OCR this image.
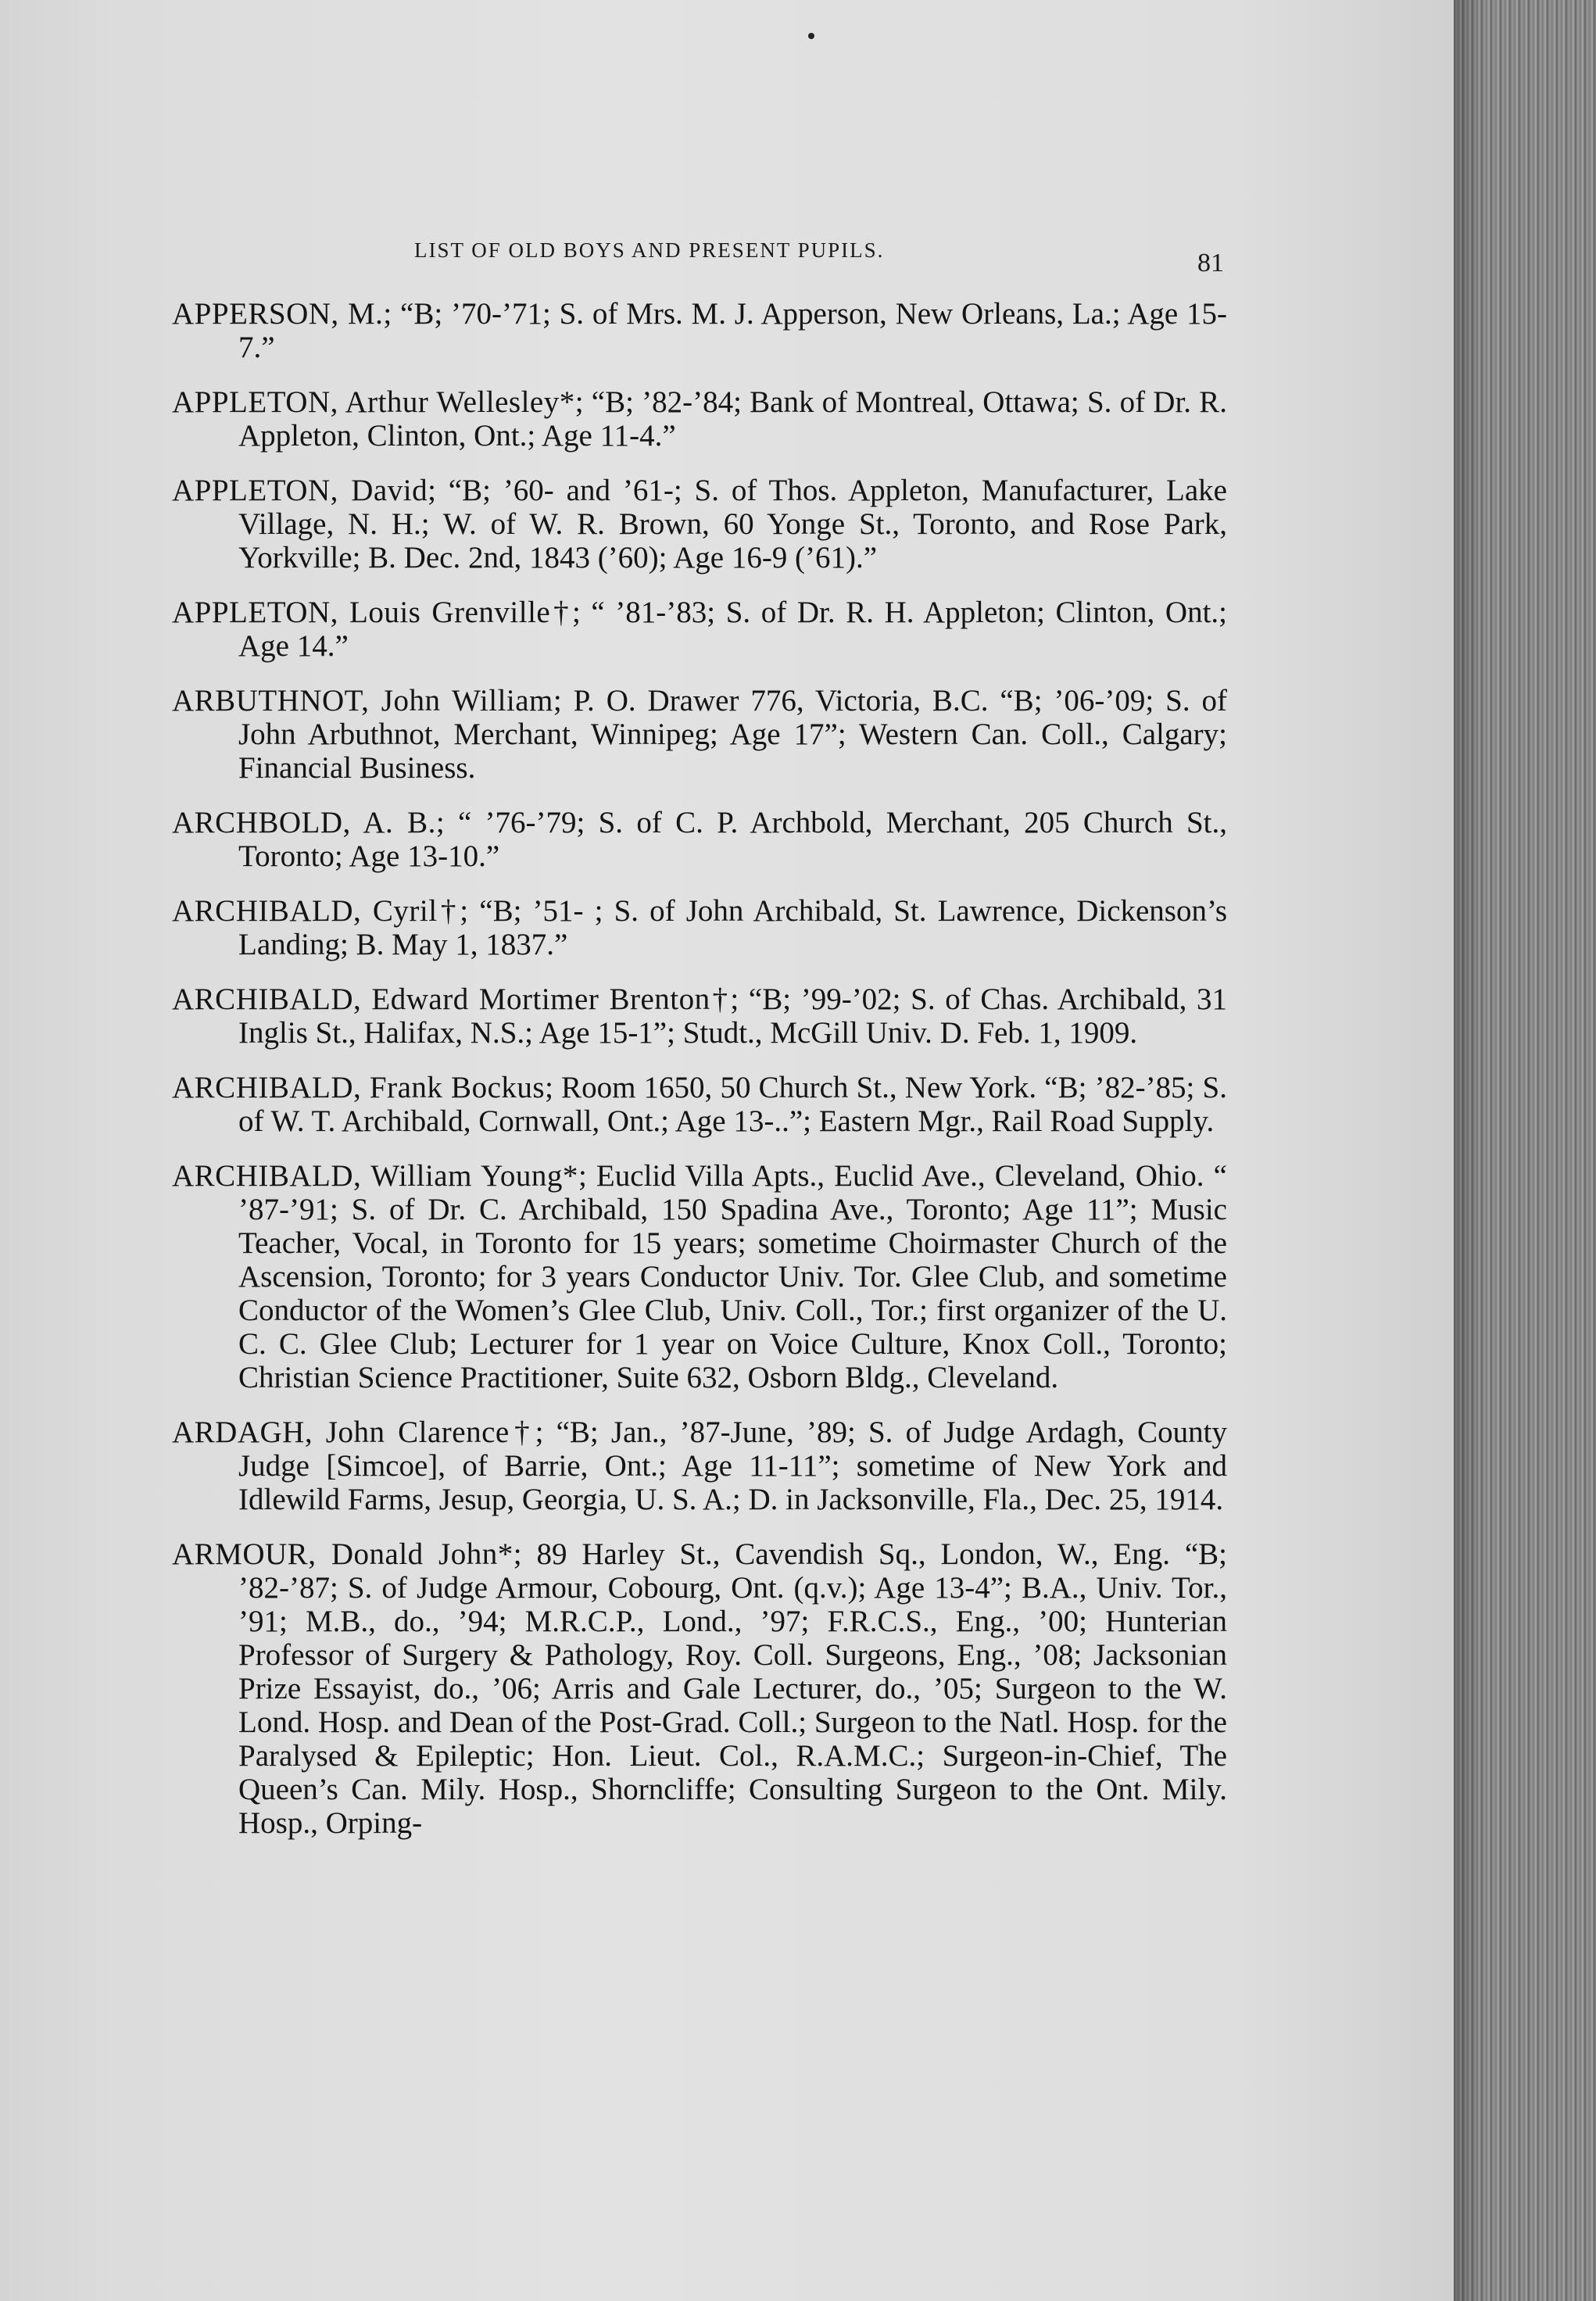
LIST OF OLD BOYS AND PRESENT PUPILS.	81

APPERSON, M.; “B; ’70-’71; S. of Mrs. M. J. Apperson, New Orleans, La.; Age 15-7.”

APPLETON, Arthur Wellesley*; “B; ’82-’84; Bank of Montreal, Ottawa; S. of Dr. R. Appleton, Clinton, Ont.; Age 11-4.”

APPLETON, David; “B; ’60- and ’61-; S. of Thos. Appleton, Manufacturer, Lake Village, N. H.; W. of W. R. Brown, 60 Yonge St., Toronto, and Rose Park, Yorkville; B. Dec. 2nd, 1843 (’60); Age 16-9 (’61).”

APPLETON, Louis Grenville†; “ ’81-’83; S. of Dr. R. H. Appleton; Clinton, Ont.; Age 14.”

ARBUTHNOT, John William; P. O. Drawer 776, Victoria, B.C. “B; ’06-’09; S. of John Arbuthnot, Merchant, Winnipeg; Age 17”; Western Can. Coll., Calgary; Financial Business.

ARCHBOLD, A. B.; “ ’76-’79; S. of C. P. Archbold, Merchant, 205 Church St., Toronto; Age 13-10.”

ARCHIBALD, Cyril†; “B; ’51- ; S. of John Archibald, St. Lawrence, Dickenson’s Landing; B. May 1, 1837.”

ARCHIBALD, Edward Mortimer Brenton†; “B; ’99-’02; S. of Chas. Archibald, 31 Inglis St., Halifax, N.S.; Age 15-1”; Studt., McGill Univ. D. Feb. 1, 1909.

ARCHIBALD, Frank Bockus; Room 1650, 50 Church St., New York. “B; ’82-’85; S. of W. T. Archibald, Cornwall, Ont.; Age 13-..”; Eastern Mgr., Rail Road Supply.

ARCHIBALD, William Young*; Euclid Villa Apts., Euclid Ave., Cleveland, Ohio. “ ’87-’91; S. of Dr. C. Archibald, 150 Spadina Ave., Toronto; Age 11”; Music Teacher, Vocal, in Toronto for 15 years; sometime Choirmaster Church of the Ascension, Toronto; for 3 years Conductor Univ. Tor. Glee Club, and sometime Conductor of the Women’s Glee Club, Univ. Coll., Tor.; first organizer of the U. C. C. Glee Club; Lecturer for 1 year on Voice Culture, Knox Coll., Toronto; Christian Science Practitioner, Suite 632, Osborn Bldg., Cleveland.

ARDAGH, John Clarence†; “B; Jan., ’87-June, ’89; S. of Judge Ardagh, County Judge [Simcoe], of Barrie, Ont.; Age 11-11”; sometime of New York and Idlewild Farms, Jesup, Georgia, U. S. A.; D. in Jacksonville, Fla., Dec. 25, 1914.

ARMOUR, Donald John*; 89 Harley St., Cavendish Sq., London, W., Eng. “B; ’82-’87; S. of Judge Armour, Cobourg, Ont. (q.v.); Age 13-4”; B.A., Univ. Tor., ’91; M.B., do., ’94; M.R.C.P., Lond., ’97; F.R.C.S., Eng., ’00; Hunterian Professor of Surgery & Pathology, Roy. Coll. Surgeons, Eng., ’08; Jacksonian Prize Essayist, do., ’06; Arris and Gale Lecturer, do., ’05; Surgeon to the W. Lond. Hosp. and Dean of the Post-Grad. Coll.; Surgeon to the Natl. Hosp. for the Paralysed & Epileptic; Hon. Lieut. Col., R.A.M.C.; Surgeon-in-Chief, The Queen’s Can. Mily. Hosp., Shorncliffe; Consulting Surgeon to the Ont. Mily. Hosp., Orping-
